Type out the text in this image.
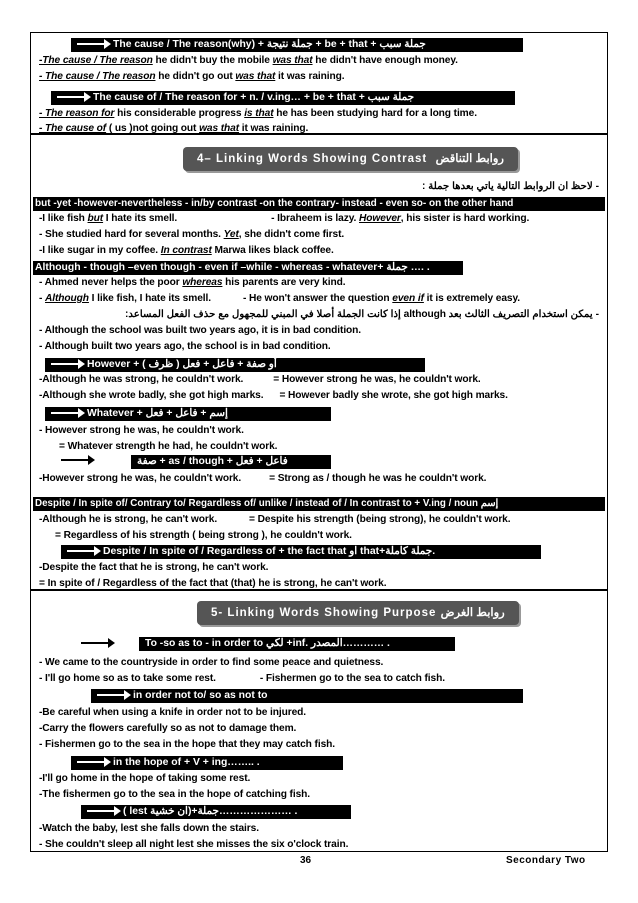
The cause / The reason(why) + جملة نتيجة + be + that + جملة سبب
-The cause / The reason he didn't buy the mobile was that he didn't have enough money.
- The cause / The reason he didn't go out was that it was raining.
The cause of / The reason for + n. / v.ing… + be + that + جملة سبب
- The reason for his considerable progress is that he has been studying hard for a long time.
- The cause of ( us )not going out was that it was raining.
4– Linking Words Showing Contrast روابط التناقض
- لاحظ ان الروابط التالية ياتي بعدها جملة :
but -yet -however-nevertheless - in/by contrast -on the contrary- instead - even so- on the other hand
-I like fish but I hate its smell.	- Ibraheem is lazy. However, his sister is hard working.
- She studied hard for several months. Yet, she didn't come first.
-I like sugar in my coffee. In contrast Marwa likes black coffee.
Although - though –even though - even if –while - whereas - whatever+ جملة …. .
- Ahmed never helps the poor whereas his parents are very kind.
- Although I like fish, I hate its smell.	- He won't answer the question even if it is extremely easy.
- يمكن استخدام التصريف الثالث بعد although إذا كانت الجملة أصلا في المبني للمجهول مع حذف الفعل المساعد:
- Although the school was built two years ago, it is in bad condition.
- Although built two years ago, the school is in bad condition.
However + ( ظرف ) أو صفة + فاعل + فعل
-Although he was strong, he couldn't work.	= However strong he was, he couldn't work.
-Although she wrote badly, she got high marks. = However badly she wrote, she got high marks.
Whatever + إسم + فاعل + فعل
- However strong he was, he couldn't work.
= Whatever strength he had, he couldn't work.
صفة + as / though + فاعل + فعل
-However strong he was, he couldn't work.	= Strong as / though he was he couldn't work.
Despite / In spite of/ Contrary to/ Regardless of/ unlike / instead of / In contrast to + V.ing / noun إسم
-Although he is strong, he can't work.	= Despite his strength (being strong), he couldn't work.
= Regardless of his strength ( being strong ), he couldn't work.
Despite / In spite of / Regardless of + the fact that او that+جملة كاملة.
-Despite the fact that he is strong, he can't work.
= In spite of / Regardless of the fact that (that) he is strong, he can't work.
5- Linking Words Showing Purpose روابط الغرض
To -so as to - in order to لكي +inf. المصدر………… .
- We came to the countryside in order to find some peace and quietness.
- I'll go home so as to take some rest.	- Fishermen go to the sea to catch fish.
in order not to/ so as not to
-Be careful when using a knife in order not to be injured.
-Carry the flowers carefully so as not to damage them.
- Fishermen go to the sea in the hope that they may catch fish.
in the hope of + V + ing…….. .
-I'll go home in the hope of taking some rest.
-The fishermen go to the sea in the hope of catching fish.
( lest ان خشية)+جملة………………… .
-Watch the baby, lest she falls down the stairs.
- She couldn't sleep all night lest she misses the six o'clock train.
36	Secondary Two
